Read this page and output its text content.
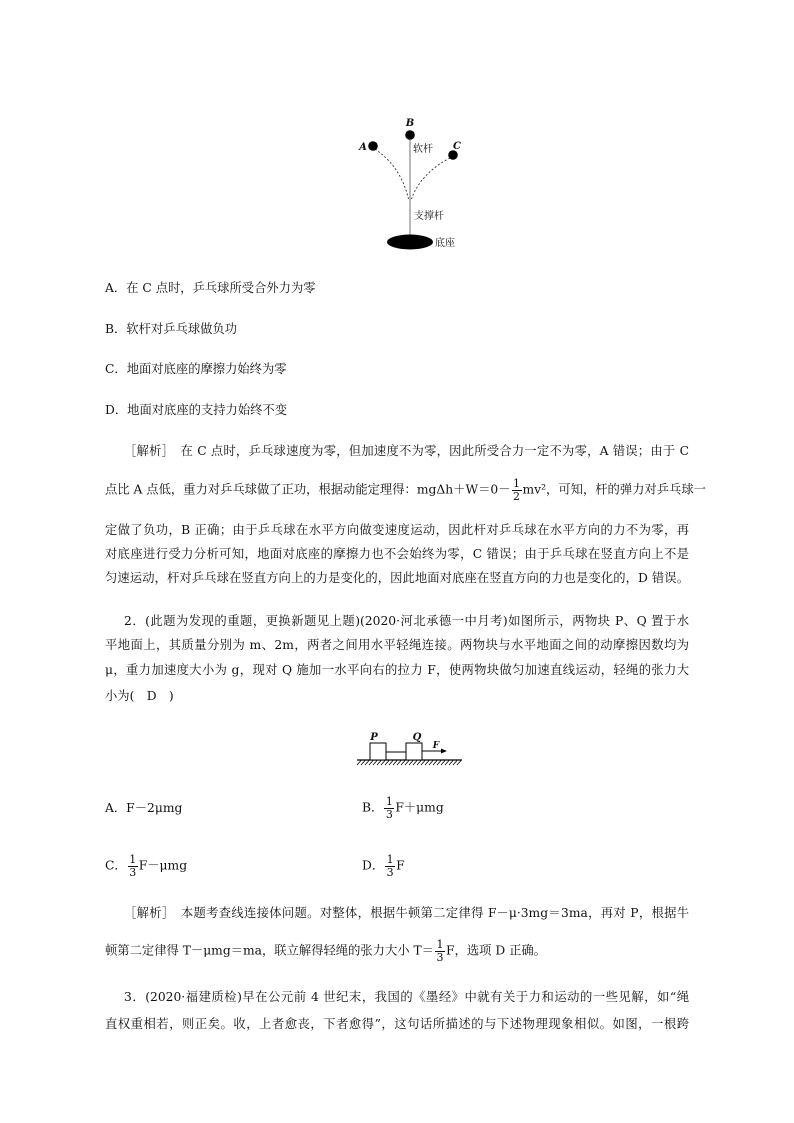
B
A	C
软杆
支撑杆
底座
A．在 C 点时，乒乓球所受合外力为零
B．软杆对乒乓球做负功
C．地面对底座的摩擦力始终为零
D．地面对底座的支持力始终不变
［解析］　在 C 点时，乒乓球速度为零，但加速度不为零，因此所受合力一定不为零，A 错误；由于 C
点比 A 点低，重力对乒乓球做了正功，根据动能定理得：$mg\Delta h+W=0- \frac{1}{2} mv^2$，可知，杆的弹力对乒乓球一
定做了负功，B 正确；由于乒乓球在水平方向做变速度运动，因此杆对乒乓球在水平方向的力不为零，再
对底座进行受力分析可知，地面对底座的摩擦力也不会始终为零，C 错误；由于乒乓球在竖直方向上不是
匀速运动，杆对乒乓球在竖直方向上的力是变化的，因此地面对底座在竖直方向的力也是变化的，D 错误。
2．(此题为发现的重题，更换新题见上题)(2020·河北承德一中月考)如图所示，两物块 P、Q 置于水
平地面上，其质量分别为 m、2m，两者之间用水平轻绳连接。两物块与水平地面之间的动摩擦因数均为
μ，重力加速度大小为 g，现对 Q 施加一水平向右的拉力 F，使两物块做匀加速直线运动，轻绳的张力大
小为(　D　)
P	Q
F
A．F－2μmg	B． $\frac{1}{3} F+\mu mg$
C． $\frac{1}{3} F-\mu mg$	D． $\frac{1}{3}$ F
［解析］　本题考查线连接体问题。对整体，根据牛顿第二定律得 F－μ·3mg＝3ma，再对 P，根据牛
顿第二定律得 T－μmg＝ma，联立解得轻绳的张力大小 $T= \frac{1}{3}$ F，选项 D 正确。
3．(2020·福建质检)早在公元前 4 世纪末，我国的《墨经》中就有关于力和运动的一些见解，如“绳
直权重相若，则正矣。收，上者愈丧，下者愈得”，这句话所描述的与下述物理现象相似。如图，一根跨
